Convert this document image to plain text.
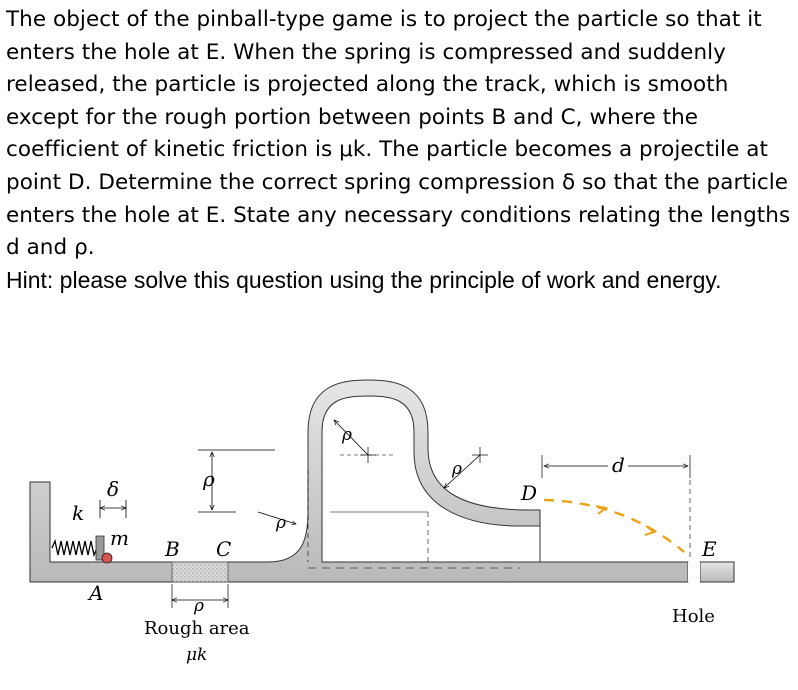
The object of the pinball-type game is to project the particle so that it enters the hole at E. When the spring is compressed and suddenly released, the particle is projected along the track, which is smooth except for the rough portion between points B and C, where the coefficient of kinetic friction is μk. The particle becomes a projectile at point D. Determine the correct spring compression δ so that the particle enters the hole at E. State any necessary conditions relating the lengths d and ρ.

Hint: please solve this question using the principle of work and energy.

k
δ
m
A
B C
ρ
ρ
ρ
ρ
ρ
D
d
E
Rough area
μk
Hole
